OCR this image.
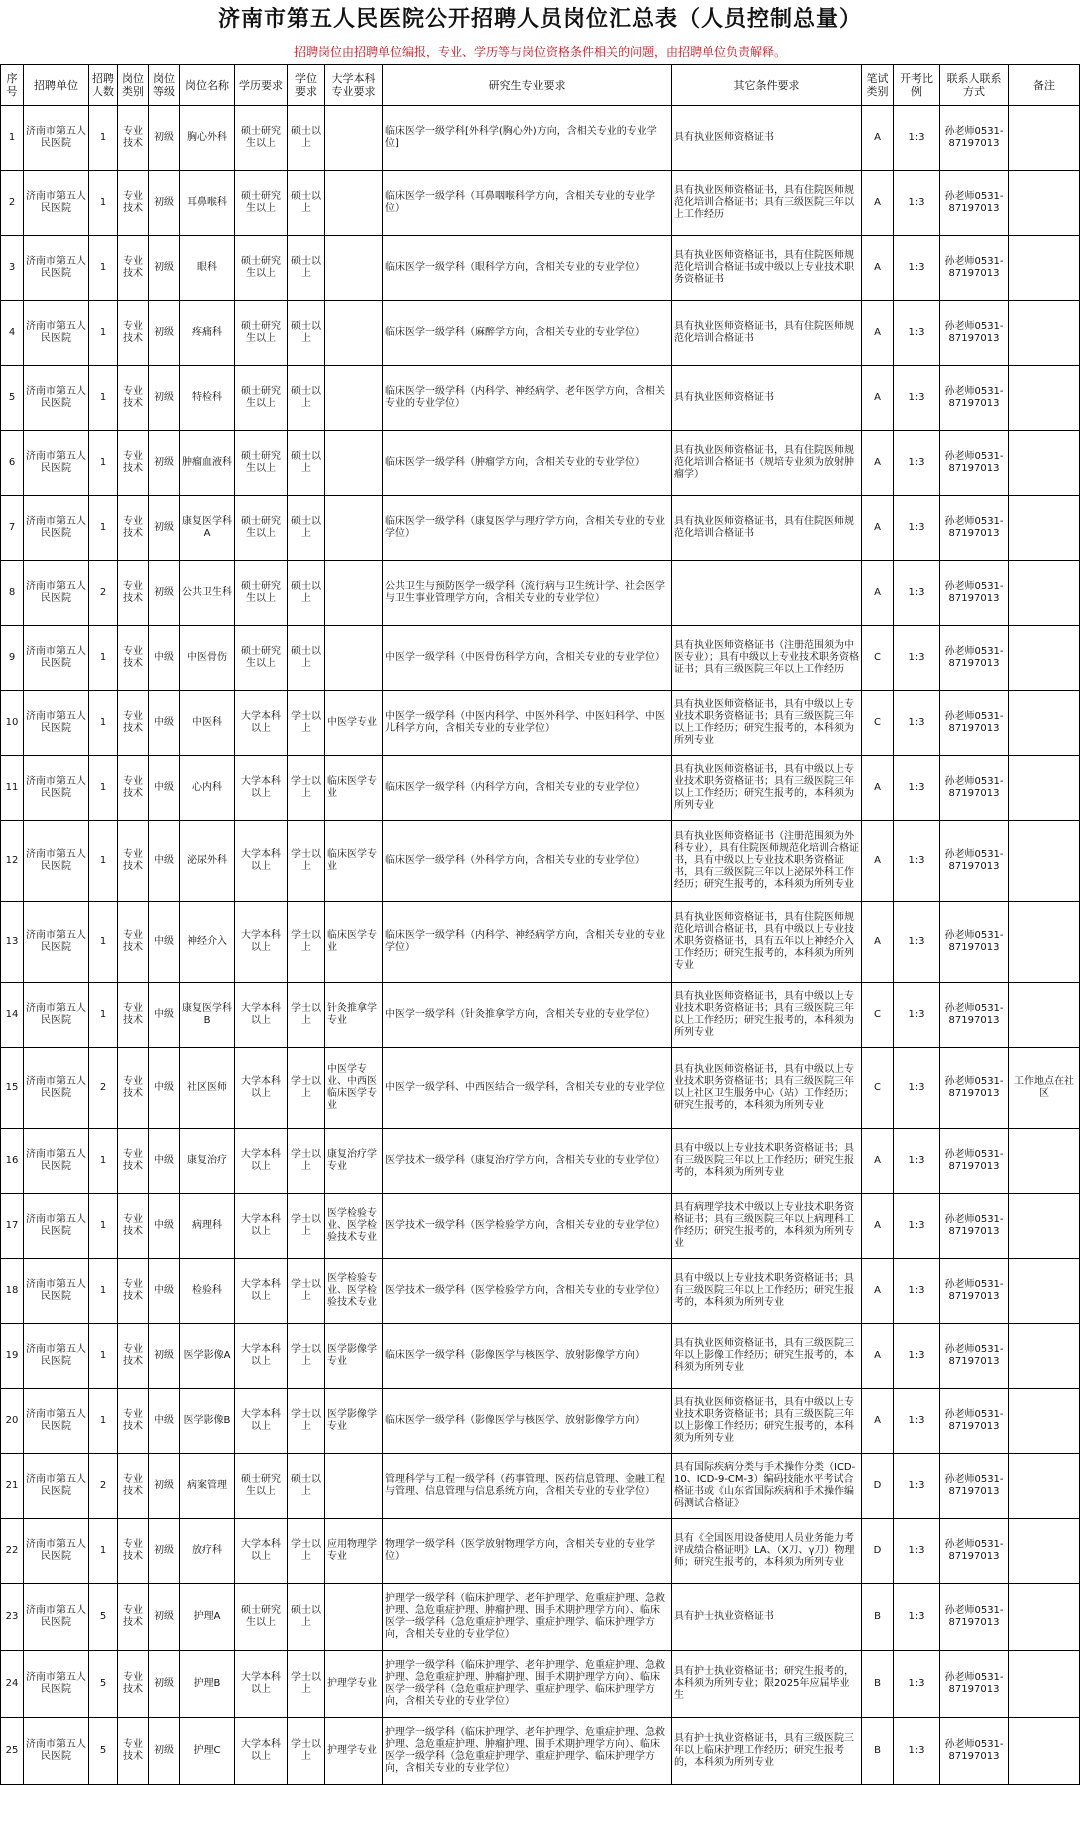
济南市第五人民医院公开招聘人员岗位汇总表（人员控制总量）
招聘岗位由招聘单位编报，专业、学历等与岗位资格条件相关的问题，由招聘单位负责解释。
序号	招聘单位	招聘人数	岗位类别	岗位等级	岗位名称	学历要求	学位要求	大学本科专业要求	研究生专业要求	其它条件要求	笔试类别	开考比例	联系人联系方式	备注
1	济南市第五人民医院	1	专业技术	初级	胸心外科	硕士研究生以上	硕士以上		临床医学一级学科[外科学(胸心外)方向，含相关专业的专业学位]	具有执业医师资格证书	A	1:3	孙老师0531-87197013	
2	济南市第五人民医院	1	专业技术	初级	耳鼻喉科	硕士研究生以上	硕士以上		临床医学一级学科（耳鼻咽喉科学方向，含相关专业的专业学位）	具有执业医师资格证书，具有住院医师规范化培训合格证书；具有三级医院三年以上工作经历	A	1:3	孙老师0531-87197013	
3	济南市第五人民医院	1	专业技术	初级	眼科	硕士研究生以上	硕士以上		临床医学一级学科（眼科学方向，含相关专业的专业学位）	具有执业医师资格证书，具有住院医师规范化培训合格证书或中级以上专业技术职务资格证书	A	1:3	孙老师0531-87197013	
4	济南市第五人民医院	1	专业技术	初级	疼痛科	硕士研究生以上	硕士以上		临床医学一级学科（麻醉学方向，含相关专业的专业学位）	具有执业医师资格证书，具有住院医师规范化培训合格证书	A	1:3	孙老师0531-87197013	
5	济南市第五人民医院	1	专业技术	初级	特检科	硕士研究生以上	硕士以上		临床医学一级学科（内科学、神经病学、老年医学方向，含相关专业的专业学位）	具有执业医师资格证书	A	1:3	孙老师0531-87197013	
6	济南市第五人民医院	1	专业技术	初级	肿瘤血液科	硕士研究生以上	硕士以上		临床医学一级学科（肿瘤学方向，含相关专业的专业学位）	具有执业医师资格证书，具有住院医师规范化培训合格证书（规培专业须为放射肿瘤学）	A	1:3	孙老师0531-87197013	
7	济南市第五人民医院	1	专业技术	初级	康复医学科A	硕士研究生以上	硕士以上		临床医学一级学科（康复医学与理疗学方向，含相关专业的专业学位）	具有执业医师资格证书，具有住院医师规范化培训合格证书	A	1:3	孙老师0531-87197013	
8	济南市第五人民医院	2	专业技术	初级	公共卫生科	硕士研究生以上	硕士以上		公共卫生与预防医学一级学科（流行病与卫生统计学、社会医学与卫生事业管理学方向，含相关专业的专业学位）		A	1:3	孙老师0531-87197013	
9	济南市第五人民医院	1	专业技术	中级	中医骨伤	硕士研究生以上	硕士以上		中医学一级学科（中医骨伤科学方向，含相关专业的专业学位）	具有执业医师资格证书（注册范围须为中医专业）；具有中级以上专业技术职务资格证书；具有三级医院三年以上工作经历	C	1:3	孙老师0531-87197013	
10	济南市第五人民医院	1	专业技术	中级	中医科	大学本科以上	学士以上	中医学专业	中医学一级学科（中医内科学、中医外科学、中医妇科学、中医儿科学方向，含相关专业的专业学位）	具有执业医师资格证书，具有中级以上专业技术职务资格证书；具有三级医院三年以上工作经历；研究生报考的，本科须为所列专业	C	1:3	孙老师0531-87197013	
11	济南市第五人民医院	1	专业技术	中级	心内科	大学本科以上	学士以上	临床医学专业	临床医学一级学科（内科学方向，含相关专业的专业学位）	具有执业医师资格证书，具有中级以上专业技术职务资格证书；具有三级医院三年以上工作经历；研究生报考的，本科须为所列专业	A	1:3	孙老师0531-87197013	
12	济南市第五人民医院	1	专业技术	中级	泌尿外科	大学本科以上	学士以上	临床医学专业	临床医学一级学科（外科学方向，含相关专业的专业学位）	具有执业医师资格证书（注册范围须为外科专业），具有住院医师规范化培训合格证书，具有中级以上专业技术职务资格证书，具有三级医院三年以上泌尿外科工作经历；研究生报考的，本科须为所列专业	A	1:3	孙老师0531-87197013	
13	济南市第五人民医院	1	专业技术	中级	神经介入	大学本科以上	学士以上	临床医学专业	临床医学一级学科（内科学、神经病学方向，含相关专业的专业学位）	具有执业医师资格证书，具有住院医师规范化培训合格证书，具有中级以上专业技术职务资格证书，具有五年以上神经介入工作经历；研究生报考的，本科须为所列专业	A	1:3	孙老师0531-87197013	
14	济南市第五人民医院	1	专业技术	中级	康复医学科B	大学本科以上	学士以上	针灸推拿学专业	中医学一级学科（针灸推拿学方向，含相关专业的专业学位）	具有执业医师资格证书，具有中级以上专业技术职务资格证书；具有三级医院三年以上工作经历；研究生报考的，本科须为所列专业	C	1:3	孙老师0531-87197013	
15	济南市第五人民医院	2	专业技术	中级	社区医师	大学本科以上	学士以上	中医学专业、中西医临床医学专业	中医学一级学科、中西医结合一级学科，含相关专业的专业学位	具有执业医师资格证书，具有中级以上专业技术职务资格证书；具有三级医院三年以上社区卫生服务中心（站）工作经历；研究生报考的，本科须为所列专业	C	1:3	孙老师0531-87197013	工作地点在社区
16	济南市第五人民医院	1	专业技术	中级	康复治疗	大学本科以上	学士以上	康复治疗学专业	医学技术一级学科（康复治疗学方向，含相关专业的专业学位）	具有中级以上专业技术职务资格证书；具有三级医院三年以上工作经历；研究生报考的，本科须为所列专业	A	1:3	孙老师0531-87197013	
17	济南市第五人民医院	1	专业技术	中级	病理科	大学本科以上	学士以上	医学检验专业、医学检验技术专业	医学技术一级学科（医学检验学方向，含相关专业的专业学位）	具有病理学技术中级以上专业技术职务资格证书；具有三级医院三年以上病理科工作经历；研究生报考的，本科须为所列专业	A	1:3	孙老师0531-87197013	
18	济南市第五人民医院	1	专业技术	中级	检验科	大学本科以上	学士以上	医学检验专业、医学检验技术专业	医学技术一级学科（医学检验学方向，含相关专业的专业学位）	具有中级以上专业技术职务资格证书；具有三级医院三年以上工作经历；研究生报考的，本科须为所列专业	A	1:3	孙老师0531-87197013	
19	济南市第五人民医院	1	专业技术	初级	医学影像A	大学本科以上	学士以上	医学影像学专业	临床医学一级学科（影像医学与核医学、放射影像学方向）	具有执业医师资格证书，具有三级医院三年以上影像工作经历；研究生报考的，本科须为所列专业	A	1:3	孙老师0531-87197013	
20	济南市第五人民医院	1	专业技术	中级	医学影像B	大学本科以上	学士以上	医学影像学专业	临床医学一级学科（影像医学与核医学、放射影像学方向）	具有执业医师资格证书，具有中级以上专业技术职务资格证书；具有三级医院三年以上影像工作经历；研究生报考的，本科须为所列专业	A	1:3	孙老师0531-87197013	
21	济南市第五人民医院	2	专业技术	初级	病案管理	硕士研究生以上	硕士以上		管理科学与工程一级学科（药事管理、医药信息管理、金融工程与管理、信息管理与信息系统方向，含相关专业的专业学位）	具有国际疾病分类与手术操作分类（ICD-10、ICD-9-CM-3）编码技能水平考试合格证书或《山东省国际疾病和手术操作编码测试合格证》	D	1:3	孙老师0531-87197013	
22	济南市第五人民医院	1	专业技术	初级	放疗科	大学本科以上	学士以上	应用物理学专业	物理学一级学科（医学放射物理学方向，含相关专业的专业学位）	具有《全国医用设备使用人员业务能力考评成绩合格证明》LA、（X刀、γ刀）物理师；研究生报考的，本科须为所列专业	D	1:3	孙老师0531-87197013	
23	济南市第五人民医院	5	专业技术	初级	护理A	硕士研究生以上	硕士以上		护理学一级学科（临床护理学、老年护理学、危重症护理、急救护理、急危重症护理、肿瘤护理、围手术期护理学方向）、临床医学一级学科（急危重症护理学、重症护理学、临床护理学方向，含相关专业的专业学位）	具有护士执业资格证书	B	1:3	孙老师0531-87197013	
24	济南市第五人民医院	5	专业技术	初级	护理B	大学本科以上	学士以上	护理学专业	护理学一级学科（临床护理学、老年护理学、危重症护理、急救护理、急危重症护理、肿瘤护理、围手术期护理学方向）、临床医学一级学科（急危重症护理学、重症护理学、临床护理学方向，含相关专业的专业学位）	具有护士执业资格证书；研究生报考的，本科须为所列专业；限2025年应届毕业生	B	1:3	孙老师0531-87197013	
25	济南市第五人民医院	5	专业技术	初级	护理C	大学本科以上	学士以上	护理学专业	护理学一级学科（临床护理学、老年护理学、危重症护理、急救护理、急危重症护理、肿瘤护理、围手术期护理学方向）、临床医学一级学科（急危重症护理学、重症护理学、临床护理学方向，含相关专业的专业学位）	具有护士执业资格证书，具有三级医院三年以上临床护理工作经历；研究生报考的，本科须为所列专业	B	1:3	孙老师0531-87197013	
